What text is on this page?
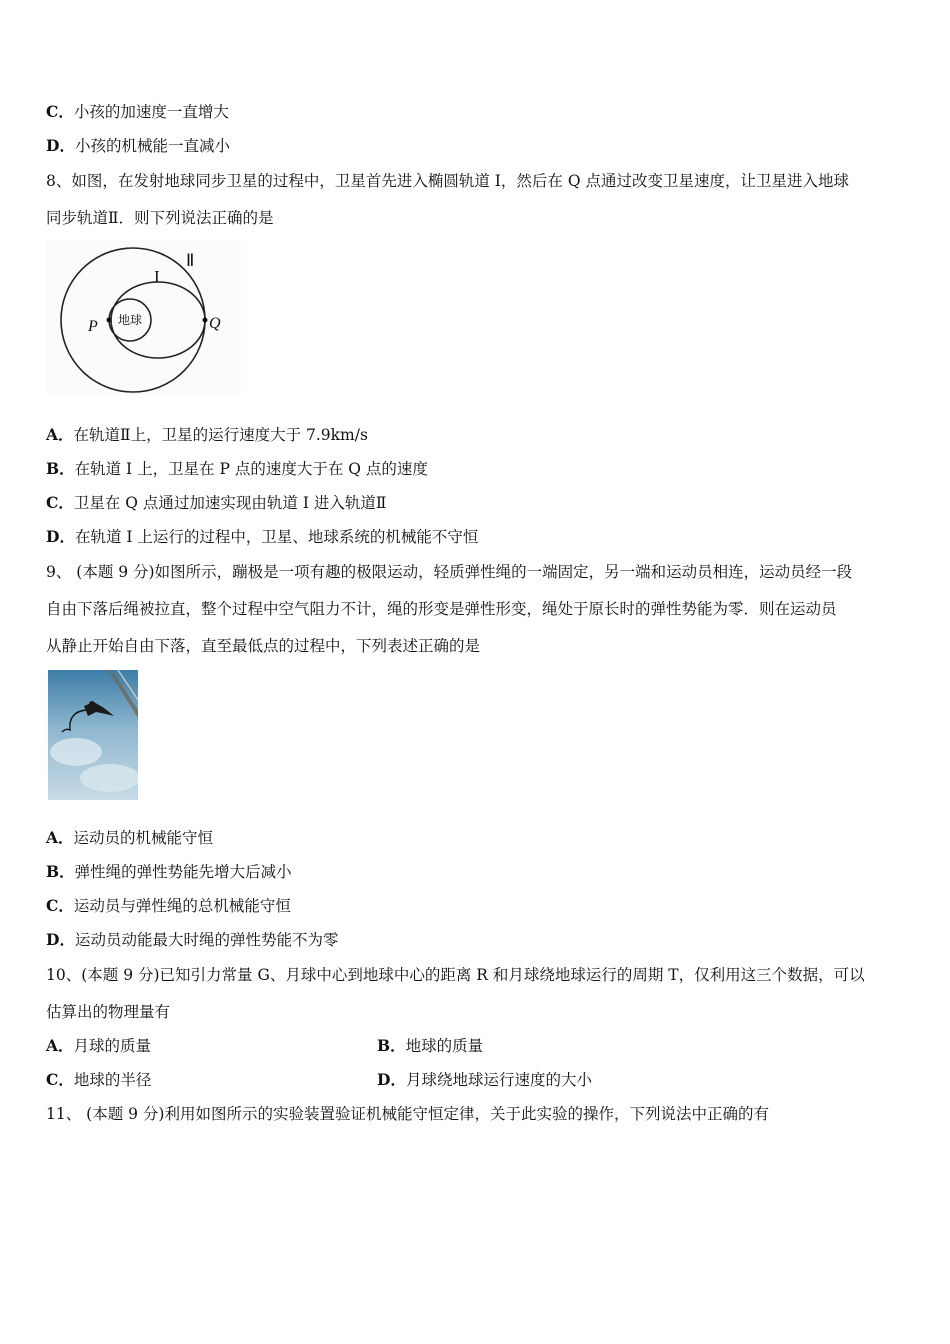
C．小孩的加速度一直增大
D．小孩的机械能一直减小
8、如图，在发射地球同步卫星的过程中，卫星首先进入椭圆轨道 I，然后在 Q 点通过改变卫星速度，让卫星进入地球
同步轨道Ⅱ．则下列说法正确的是
地球
P	Q
I
Ⅱ
A．在轨道Ⅱ上，卫星的运行速度大于 7.9km/s
B．在轨道 I 上，卫星在 P 点的速度大于在 Q 点的速度
C．卫星在 Q 点通过加速实现由轨道 I 进入轨道Ⅱ
D．在轨道 I 上运行的过程中，卫星、地球系统的机械能不守恒
9、 (本题 9 分)如图所示，蹦极是一项有趣的极限运动，轻质弹性绳的一端固定，另一端和运动员相连，运动员经一段
自由下落后绳被拉直，整个过程中空气阻力不计，绳的形变是弹性形变，绳处于原长时的弹性势能为零．则在运动员
从静止开始自由下落，直至最低点的过程中，下列表述正确的是
A．运动员的机械能守恒
B．弹性绳的弹性势能先增大后减小
C．运动员与弹性绳的总机械能守恒
D．运动员动能最大时绳的弹性势能不为零
10、(本题 9 分)已知引力常量 G、月球中心到地球中心的距离 R 和月球绕地球运行的周期 T，仅利用这三个数据，可以
估算出的物理量有
A．月球的质量	B．地球的质量
C．地球的半径	D．月球绕地球运行速度的大小
11、 (本题 9 分)利用如图所示的实验装置验证机械能守恒定律，关于此实验的操作，下列说法中正确的有
